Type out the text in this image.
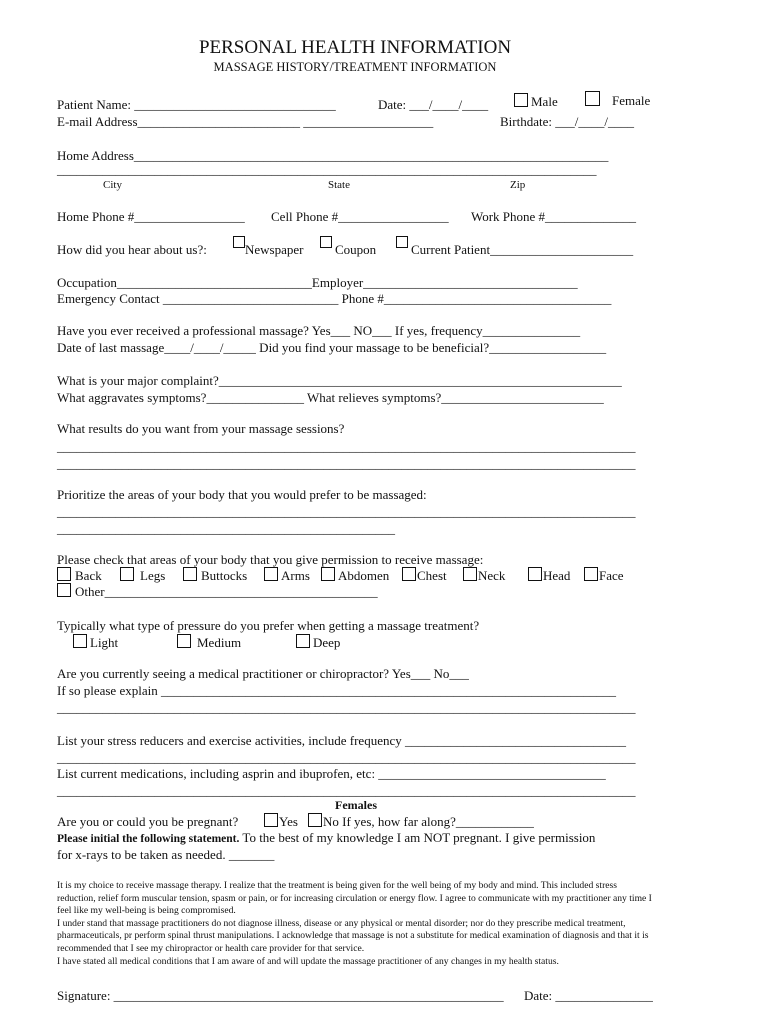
PERSONAL HEALTH INFORMATION
MASSAGE HISTORY/TREATMENT INFORMATION
Patient Name: _______________________________	Date: ___/____/____	Male	Female
E-mail Address_________________________ ____________________	Birthdate: ___/____/____
Home Address_________________________________________________________________________
___________________________________________________________________________________
City	State	Zip
Home Phone #_________________ Cell Phone #_________________ Work Phone #______________
How did you hear about us?:	Newspaper	Coupon	Current Patient______________________
Occupation______________________________Employer_________________________________
Emergency Contact ___________________________ Phone #___________________________________
Have you ever received a professional massage? Yes___ NO___ If yes, frequency_______________
Date of last massage____/____/_____ Did you find your massage to be beneficial?__________________
What is your major complaint?______________________________________________________________
What aggravates symptoms?_______________ What relieves symptoms?_________________________
What results do you want from your massage sessions?
_________________________________________________________________________________________
_________________________________________________________________________________________
Prioritize the areas of your body that you would prefer to be massaged:
_________________________________________________________________________________________
____________________________________________________
Please check that areas of your body that you give permission to receive massage:
Back	Legs	Buttocks	Arms	Abdomen	Chest	Neck	Head	Face
Other__________________________________________
Typically what type of pressure do you prefer when getting a massage treatment?
Light	Medium	Deep
Are you currently seeing a medical practitioner or chiropractor? Yes___ No___
If so please explain ______________________________________________________________________
_________________________________________________________________________________________
List your stress reducers and exercise activities, include frequency __________________________________
_________________________________________________________________________________________
List current medications, including asprin and ibuprofen, etc: ___________________________________
_________________________________________________________________________________________
Females
Are you or could you be pregnant?	Yes	No If yes, how far along?____________
Please initial the following statement. To the best of my knowledge I am NOT pregnant. I give permission
for x-rays to be taken as needed. _______
It is my choice to receive massage therapy. I realize that the treatment is being given for the well being of my body and mind. This included stress reduction, relief form muscular tension, spasm or pain, or for increasing circulation or energy flow. I agree to communicate with my practitioner any time I feel like my well-being is being compromised.
I under stand that massage practitioners do not diagnose illness, disease or any physical or mental disorder; nor do they prescribe medical treatment, pharmaceuticals, pr perform spinal thrust manipulations. I acknowledge that massage is not a substitute for medical examination of diagnosis and that it is recommended that I see my chiropractor or health care provider for that service.
I have stated all medical conditions that I am aware of and will update the massage practitioner of any changes in my health status.
Signature: ____________________________________________________________ Date: _______________
